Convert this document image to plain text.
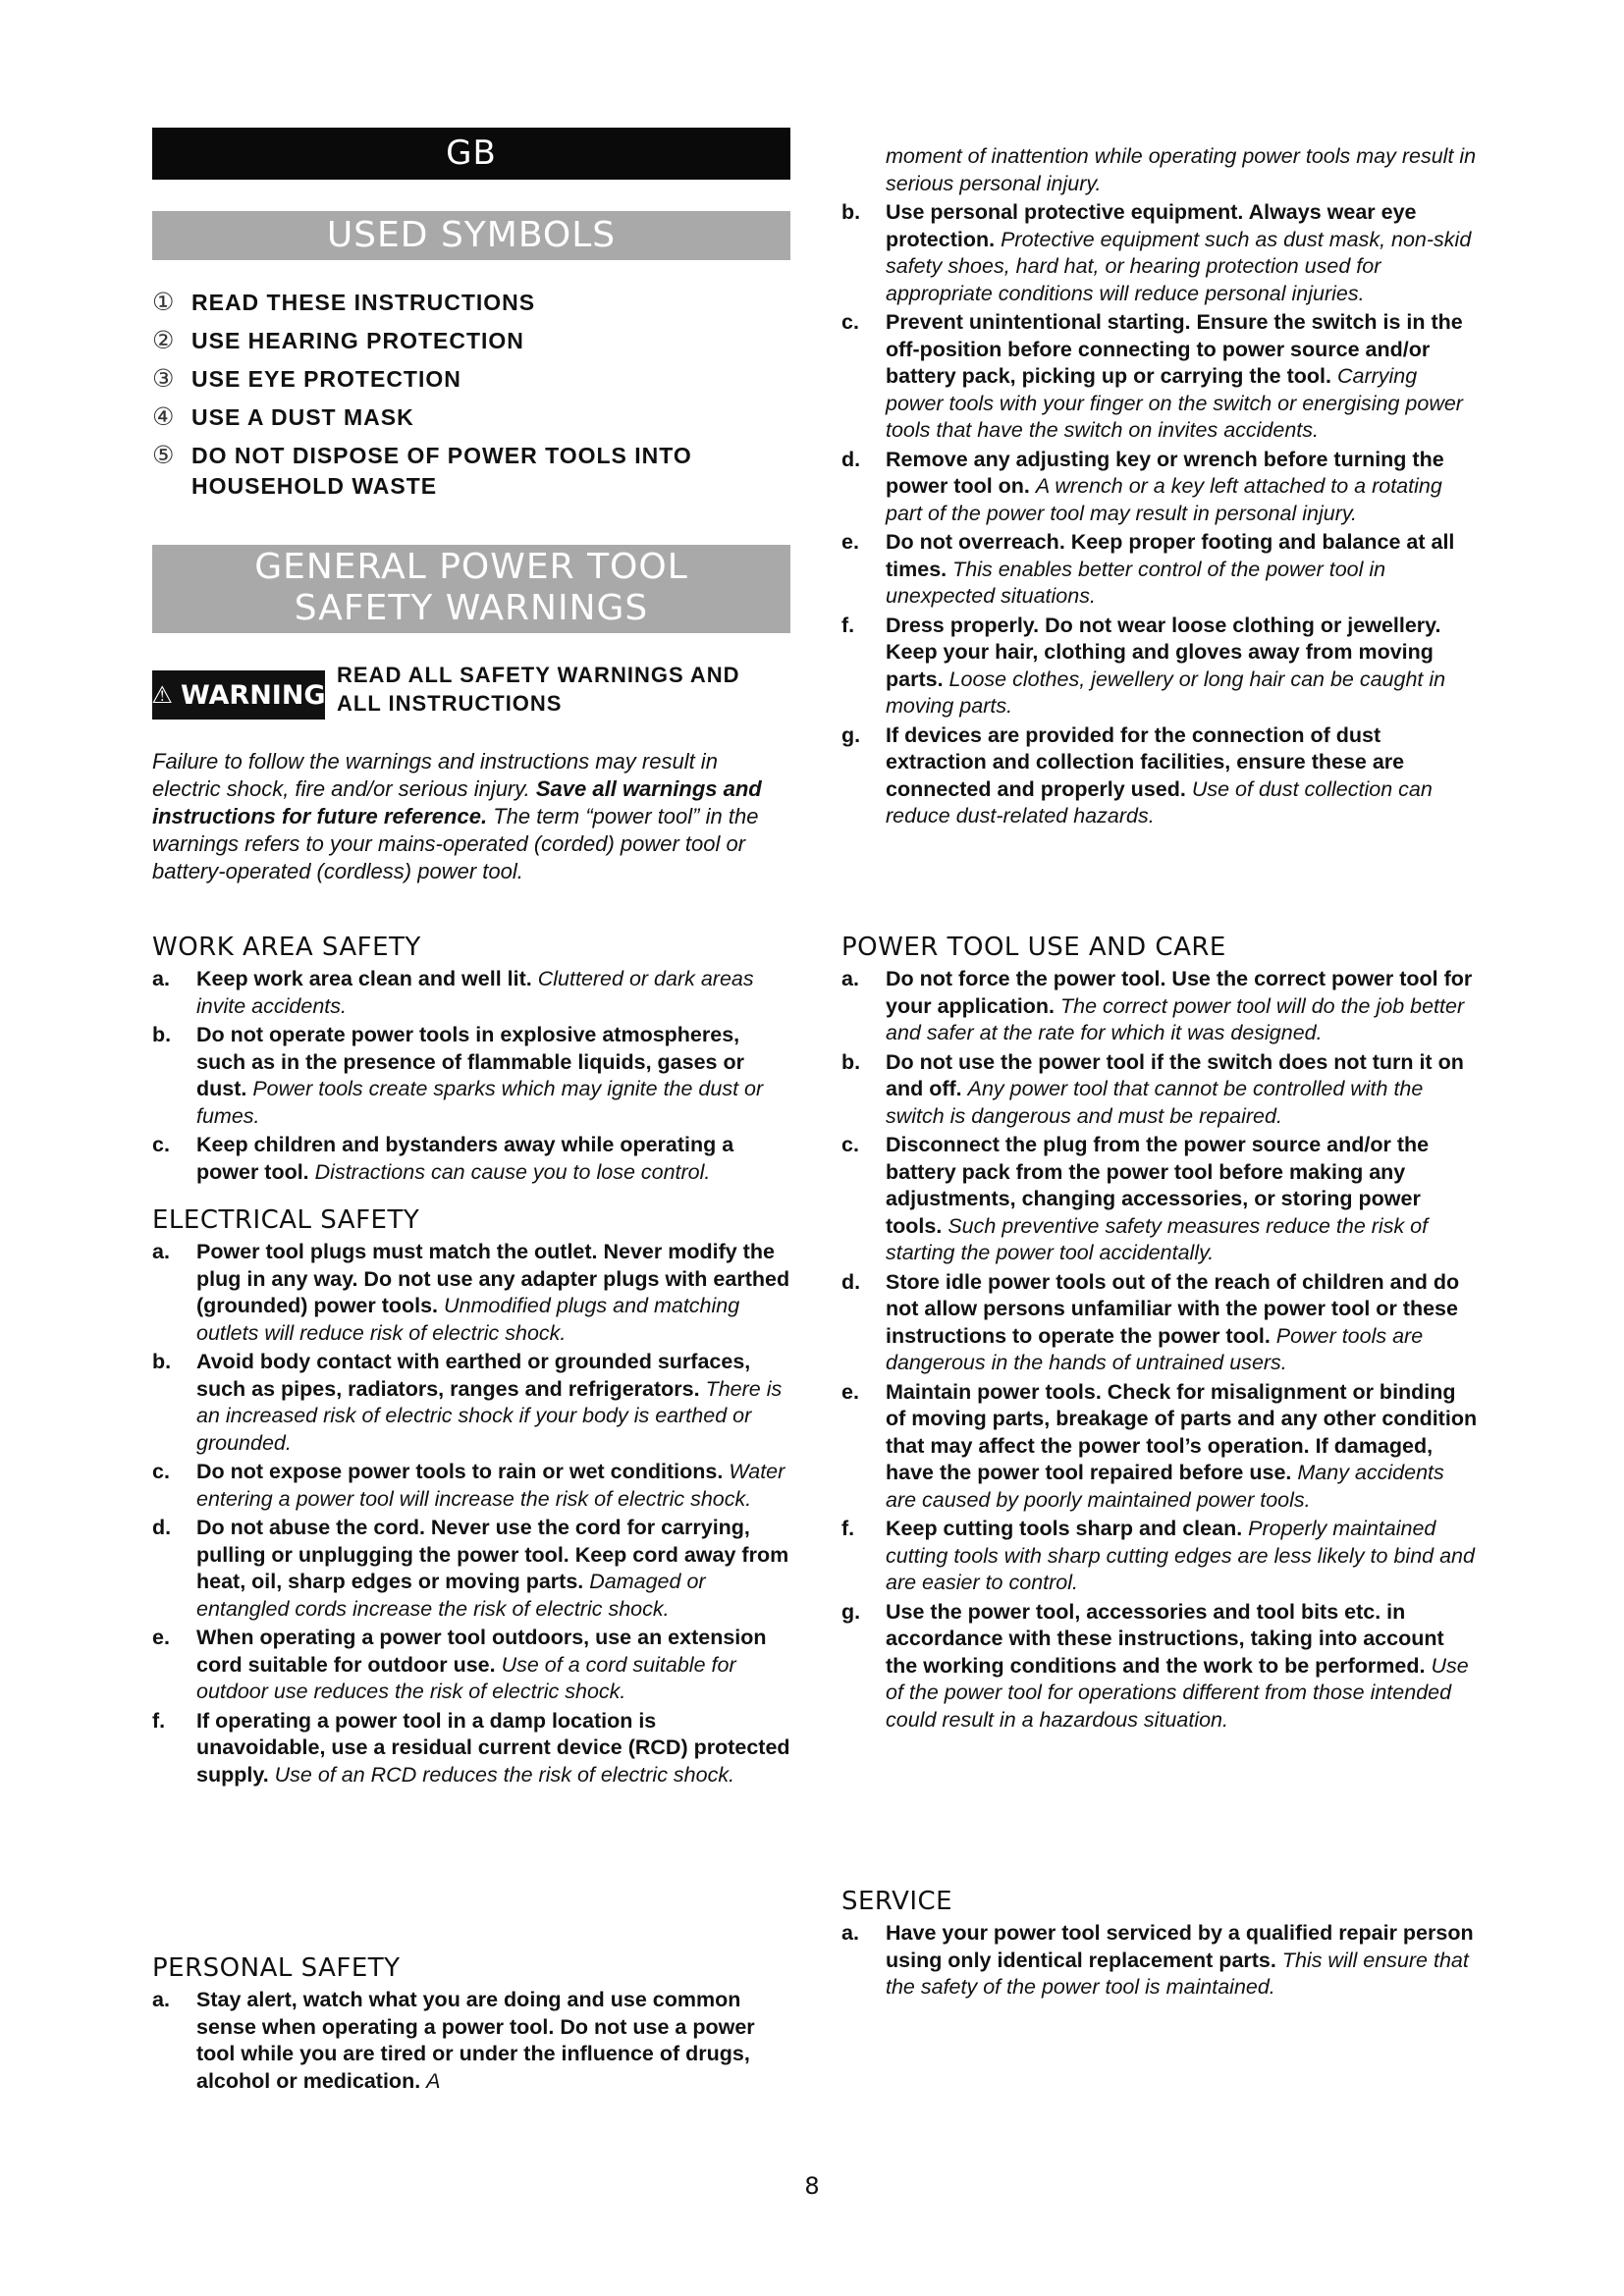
GB
USED SYMBOLS
① READ THESE INSTRUCTIONS
② USE HEARING PROTECTION
③ USE EYE PROTECTION
④ USE A DUST MASK
⑤ DO NOT DISPOSE OF POWER TOOLS INTO HOUSEHOLD WASTE
GENERAL POWER TOOL
SAFETY WARNINGS
⚠ WARNING
READ ALL SAFETY WARNINGS AND ALL INSTRUCTIONS
Failure to follow the warnings and instructions may result in electric shock, fire and/or serious injury. Save all warnings and instructions for future reference. The term “power tool” in the warnings refers to your mains-operated (corded) power tool or battery-operated (cordless) power tool.
WORK AREA SAFETY
a.	Keep work area clean and well lit. Cluttered or dark areas invite accidents.
b.	Do not operate power tools in explosive atmospheres, such as in the presence of flammable liquids, gases or dust. Power tools create sparks which may ignite the dust or fumes.
c.	Keep children and bystanders away while operating a power tool. Distractions can cause you to lose control.
ELECTRICAL SAFETY
a.	Power tool plugs must match the outlet. Never modify the plug in any way. Do not use any adapter plugs with earthed (grounded) power tools. Unmodified plugs and matching outlets will reduce risk of electric shock.
b.	Avoid body contact with earthed or grounded surfaces, such as pipes, radiators, ranges and refrigerators. There is an increased risk of electric shock if your body is earthed or grounded.
c.	Do not expose power tools to rain or wet conditions. Water entering a power tool will increase the risk of electric shock.
d.	Do not abuse the cord. Never use the cord for carrying, pulling or unplugging the power tool. Keep cord away from heat, oil, sharp edges or moving parts. Damaged or entangled cords increase the risk of electric shock.
e.	When operating a power tool outdoors, use an extension cord suitable for outdoor use. Use of a cord suitable for outdoor use reduces the risk of electric shock.
f.	If operating a power tool in a damp location is unavoidable, use a residual current device (RCD) protected supply. Use of an RCD reduces the risk of electric shock.
PERSONAL SAFETY
a.	Stay alert, watch what you are doing and use common sense when operating a power tool. Do not use a power tool while you are tired or under the influence of drugs, alcohol or medication. A
moment of inattention while operating power tools may result in serious personal injury.
b.	Use personal protective equipment. Always wear eye protection. Protective equipment such as dust mask, non-skid safety shoes, hard hat, or hearing protection used for appropriate conditions will reduce personal injuries.
c.	Prevent unintentional starting. Ensure the switch is in the off-position before connecting to power source and/or battery pack, picking up or carrying the tool. Carrying power tools with your finger on the switch or energising power tools that have the switch on invites accidents.
d.	Remove any adjusting key or wrench before turning the power tool on. A wrench or a key left attached to a rotating part of the power tool may result in personal injury.
e.	Do not overreach. Keep proper footing and balance at all times. This enables better control of the power tool in unexpected situations.
f.	Dress properly. Do not wear loose clothing or jewellery. Keep your hair, clothing and gloves away from moving parts. Loose clothes, jewellery or long hair can be caught in moving parts.
g.	If devices are provided for the connection of dust extraction and collection facilities, ensure these are connected and properly used. Use of dust collection can reduce dust-related hazards.
POWER TOOL USE AND CARE
a.	Do not force the power tool. Use the correct power tool for your application. The correct power tool will do the job better and safer at the rate for which it was designed.
b.	Do not use the power tool if the switch does not turn it on and off. Any power tool that cannot be controlled with the switch is dangerous and must be repaired.
c.	Disconnect the plug from the power source and/or the battery pack from the power tool before making any adjustments, changing accessories, or storing power tools. Such preventive safety measures reduce the risk of starting the power tool accidentally.
d.	Store idle power tools out of the reach of children and do not allow persons unfamiliar with the power tool or these instructions to operate the power tool. Power tools are dangerous in the hands of untrained users.
e.	Maintain power tools. Check for misalignment or binding of moving parts, breakage of parts and any other condition that may affect the power tool’s operation. If damaged, have the power tool repaired before use. Many accidents are caused by poorly maintained power tools.
f.	Keep cutting tools sharp and clean. Properly maintained cutting tools with sharp cutting edges are less likely to bind and are easier to control.
g.	Use the power tool, accessories and tool bits etc. in accordance with these instructions, taking into account the working conditions and the work to be performed. Use of the power tool for operations different from those intended could result in a hazardous situation.
SERVICE
a.	Have your power tool serviced by a qualified repair person using only identical replacement parts. This will ensure that the safety of the power tool is maintained.
8
